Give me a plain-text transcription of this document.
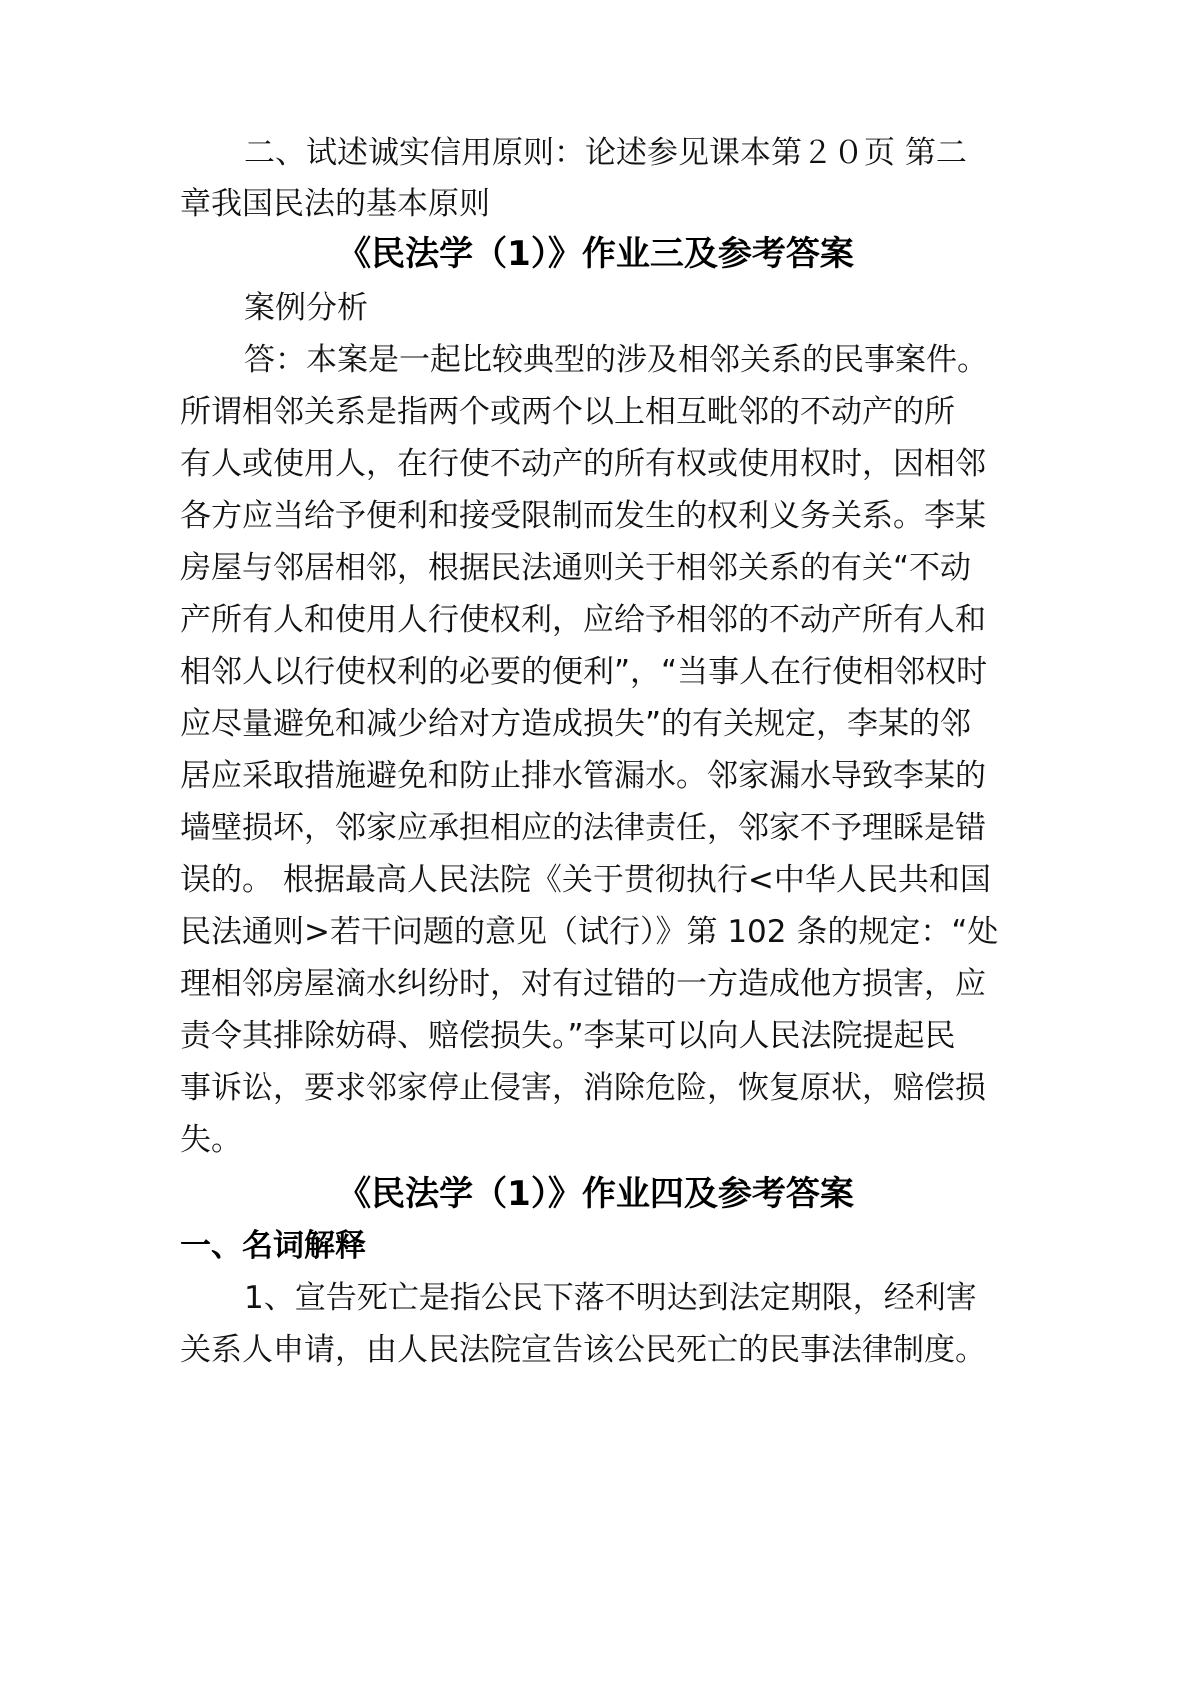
二、试述诚实信用原则：论述参见课本第２０页 第二
章我国民法的基本原则
《民法学（1）》作业三及参考答案
案例分析
答：本案是一起比较典型的涉及相邻关系的民事案件。
所谓相邻关系是指两个或两个以上相互毗邻的不动产的所
有人或使用人，在行使不动产的所有权或使用权时，因相邻
各方应当给予便利和接受限制而发生的权利义务关系。李某
房屋与邻居相邻，根据民法通则关于相邻关系的有关“不动
产所有人和使用人行使权利，应给予相邻的不动产所有人和
相邻人以行使权利的必要的便利”，“当事人在行使相邻权时
应尽量避免和减少给对方造成损失”的有关规定，李某的邻
居应采取措施避免和防止排水管漏水。邻家漏水导致李某的
墙壁损坏，邻家应承担相应的法律责任，邻家不予理睬是错
误的。 根据最高人民法院《关于贯彻执行<中华人民共和国
民法通则>若干问题的意见（试行）》第 102 条的规定：“处
理相邻房屋滴水纠纷时，对有过错的一方造成他方损害，应
责令其排除妨碍、赔偿损失。”李某可以向人民法院提起民
事诉讼，要求邻家停止侵害，消除危险，恢复原状，赔偿损
失。
《民法学（1）》作业四及参考答案
一、名词解释
1、宣告死亡是指公民下落不明达到法定期限，经利害
关系人申请，由人民法院宣告该公民死亡的民事法律制度。
